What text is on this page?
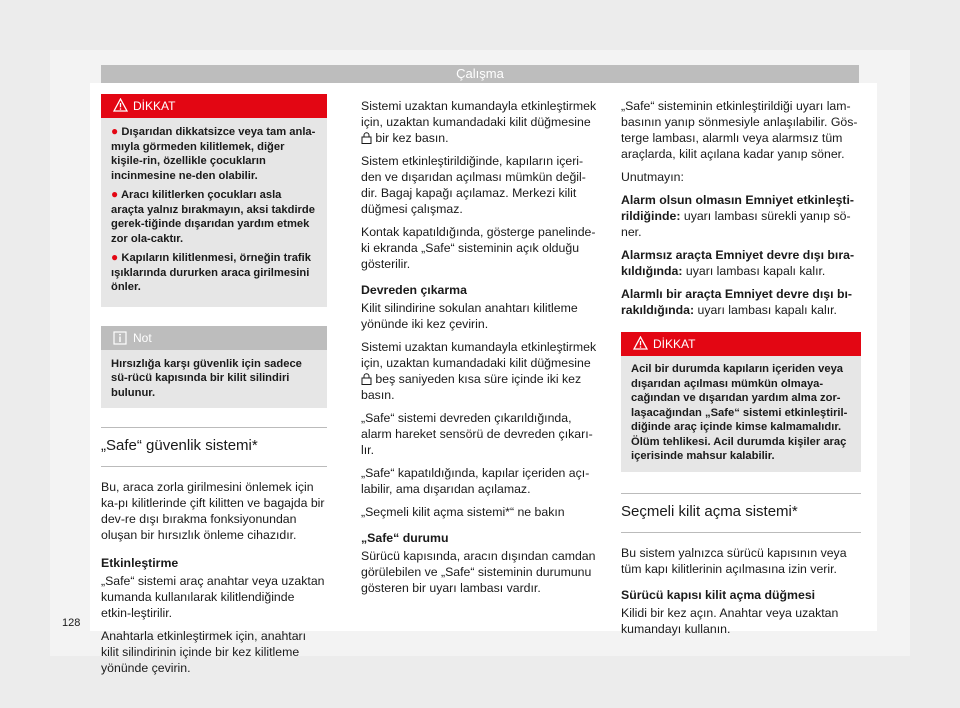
Çalışma
DİKKAT
● Dışarıdan dikkatsizce veya tam anla-mıyla görmeden kilitlemek, diğer kişile-rin, özellikle çocukların incinmesine ne-den olabilir.
● Aracı kilitlerken çocukları asla araçta yalnız bırakmayın, aksi takdirde gerek-tiğinde dışarıdan yardım etmek zor ola-caktır.
● Kapıların kilitlenmesi, örneğin trafik ışıklarında dururken araca girilmesini önler.
Not
Hırsızlığa karşı güvenlik için sadece sü-rücü kapısında bir kilit silindiri bulunur.
„Safe“ güvenlik sistemi*

Bu, araca zorla girilmesini önlemek için ka-pı kilitlerinde çift kilitten ve bagajda bir dev-re dışı bırakma fonksiyonundan oluşan bir hırsızlık önleme cihazıdır.

Etkinleştirme

„Safe“ sistemi araç anahtar veya uzaktan kumanda kullanılarak kilitlendiğinde etkin-leştirilir.

Anahtarla etkinleştirmek için, anahtarı kilit silindirinin içinde bir kez kilitleme yönünde çevirin.

Sistemi uzaktan kumandayla etkinleştirmek için, uzaktan kumandadaki kilit düğmesine
bir kez basın.

Sistem etkinleştirildiğinde, kapıların içeri-den ve dışarıdan açılması mümkün değil-dir. Bagaj kapağı açılamaz. Merkezi kilit düğmesi çalışmaz.

Kontak kapatıldığında, gösterge panelinde-ki ekranda „Safe“ sisteminin açık olduğu gösterilir.

Devreden çıkarma

Kilit silindirine sokulan anahtarı kilitleme yönünde iki kez çevirin.

Sistemi uzaktan kumandayla etkinleştirmek için, uzaktan kumandadaki kilit düğmesine
beş saniyeden kısa süre içinde iki kez basın.

„Safe“ sistemi devreden çıkarıldığında, alarm hareket sensörü de devreden çıkarı-lır.

„Safe“ kapatıldığında, kapılar içeriden açı-labilir, ama dışarıdan açılamaz.

„Seçmeli kilit açma sistemi*“ ne bakın

„Safe“ durumu

Sürücü kapısında, aracın dışından camdan görülebilen ve „Safe“ sisteminin durumunu gösteren bir uyarı lambası vardır.

„Safe“ sisteminin etkinleştirildiği uyarı lam-basının yanıp sönmesiyle anlaşılabilir. Gös-terge lambası, alarmlı veya alarmsız tüm araçlarda, kilit açılana kadar yanıp söner.

Unutmayın:

Alarm olsun olmasın Emniyet etkinleşti-rildiğinde: uyarı lambası sürekli yanıp sö-ner.

Alarmsız araçta Emniyet devre dışı bıra-kıldığında: uyarı lambası kapalı kalır.

Alarmlı bir araçta Emniyet devre dışı bı-rakıldığında: uyarı lambası kapalı kalır.

DİKKAT
Acil bir durumda kapıların içeriden veya dışarıdan açılması mümkün olmaya-cağından ve dışarıdan yardım alma zor-laşacağından „Safe“ sistemi etkinleştiril-diğinde araç içinde kimse kalmamalıdır. Ölüm tehlikesi. Acil durumda kişiler araç içerisinde mahsur kalabilir.
Seçmeli kilit açma sistemi*

Bu sistem yalnızca sürücü kapısının veya tüm kapı kilitlerinin açılmasına izin verir.

Sürücü kapısı kilit açma düğmesi

Kilidi bir kez açın. Anahtar veya uzaktan kumandayı kullanın.

128
